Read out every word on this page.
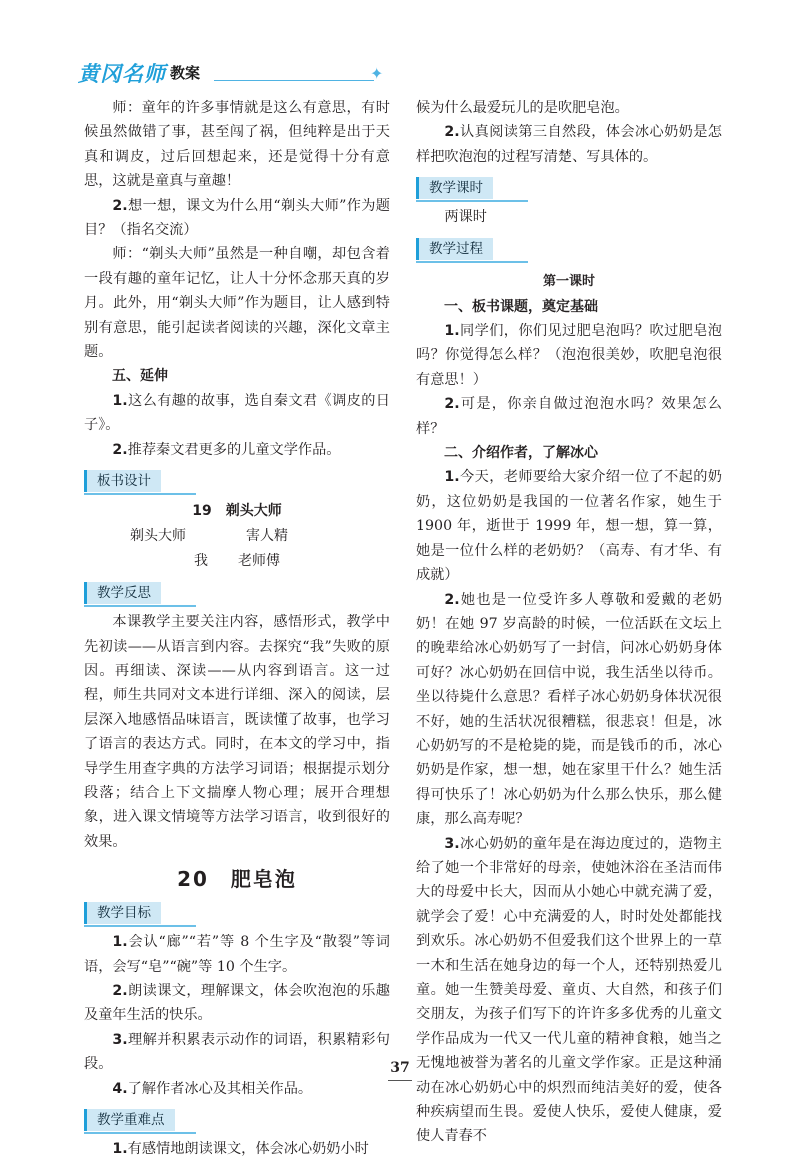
黄冈名师 教案	✦

师：童年的许多事情就是这么有意思，有时候虽然做错了事，甚至闯了祸，但纯粹是出于天真和调皮，过后回想起来，还是觉得十分有意思，这就是童真与童趣！

2.想一想，课文为什么用“剃头大师”作为题目？（指名交流）

师：“剃头大师”虽然是一种自嘲，却包含着一段有趣的童年记忆，让人十分怀念那天真的岁月。此外，用“剃头大师”作为题目，让人感到特别有意思，能引起读者阅读的兴趣，深化文章主题。

五、延伸

1.这么有趣的故事，选自秦文君《调皮的日子》。

2.推荐秦文君更多的儿童文学作品。

板书设计
19　剃头大师
剃头大师	害人精
我 老师傅
教学反思

本课教学主要关注内容，感悟形式，教学中先初读——从语言到内容。去探究“我”失败的原因。再细读、深读——从内容到语言。这一过程，师生共同对文本进行详细、深入的阅读，层层深入地感悟品味语言，既读懂了故事，也学习了语言的表达方式。同时，在本文的学习中，指导学生用查字典的方法学习词语；根据提示划分段落；结合上下文揣摩人物心理；展开合理想象，进入课文情境等方法学习语言，收到很好的效果。

20　肥皂泡
教学目标

1.会认“廊”“若”等 8 个生字及“散裂”等词语，会写“皂”“碗”等 10 个生字。

2.朗读课文，理解课文，体会吹泡泡的乐趣及童年生活的快乐。

3.理解并积累表示动作的词语，积累精彩句段。

4.了解作者冰心及其相关作品。

教学重难点

1.有感情地朗读课文，体会冰心奶奶小时

候为什么最爱玩儿的是吹肥皂泡。

2.认真阅读第三自然段，体会冰心奶奶是怎样把吹泡泡的过程写清楚、写具体的。

教学课时

两课时

教学过程
第一课时
一、板书课题，奠定基础

1.同学们，你们见过肥皂泡吗？吹过肥皂泡吗？你觉得怎么样？（泡泡很美妙，吹肥皂泡很有意思！）

2.可是，你亲自做过泡泡水吗？效果怎么样？

二、介绍作者，了解冰心

1.今天，老师要给大家介绍一位了不起的奶奶，这位奶奶是我国的一位著名作家，她生于 1900 年，逝世于 1999 年，想一想，算一算，她是一位什么样的老奶奶？（高寿、有才华、有成就）

2.她也是一位受许多人尊敬和爱戴的老奶奶！在她 97 岁高龄的时候，一位活跃在文坛上的晚辈给冰心奶奶写了一封信，问冰心奶奶身体可好？冰心奶奶在回信中说，我生活坐以待币。坐以待毙什么意思？看样子冰心奶奶身体状况很不好，她的生活状况很糟糕，很悲哀！但是，冰心奶奶写的不是枪毙的毙，而是钱币的币，冰心奶奶是作家，想一想，她在家里干什么？她生活得可快乐了！冰心奶奶为什么那么快乐，那么健康，那么高寿呢？

3.冰心奶奶的童年是在海边度过的，造物主给了她一个非常好的母亲，使她沐浴在圣洁而伟大的母爱中长大，因而从小她心中就充满了爱，就学会了爱！心中充满爱的人，时时处处都能找到欢乐。冰心奶奶不但爱我们这个世界上的一草一木和生活在她身边的每一个人，还特别热爱儿童。她一生赞美母爱、童贞、大自然，和孩子们交朋友，为孩子们写下的许许多多优秀的儿童文学作品成为一代又一代儿童的精神食粮，她当之无愧地被誉为著名的儿童文学作家。正是这种涌动在冰心奶奶心中的炽烈而纯洁美好的爱，使各种疾病望而生畏。爱使人快乐，爱使人健康，爱使人青春不

37
